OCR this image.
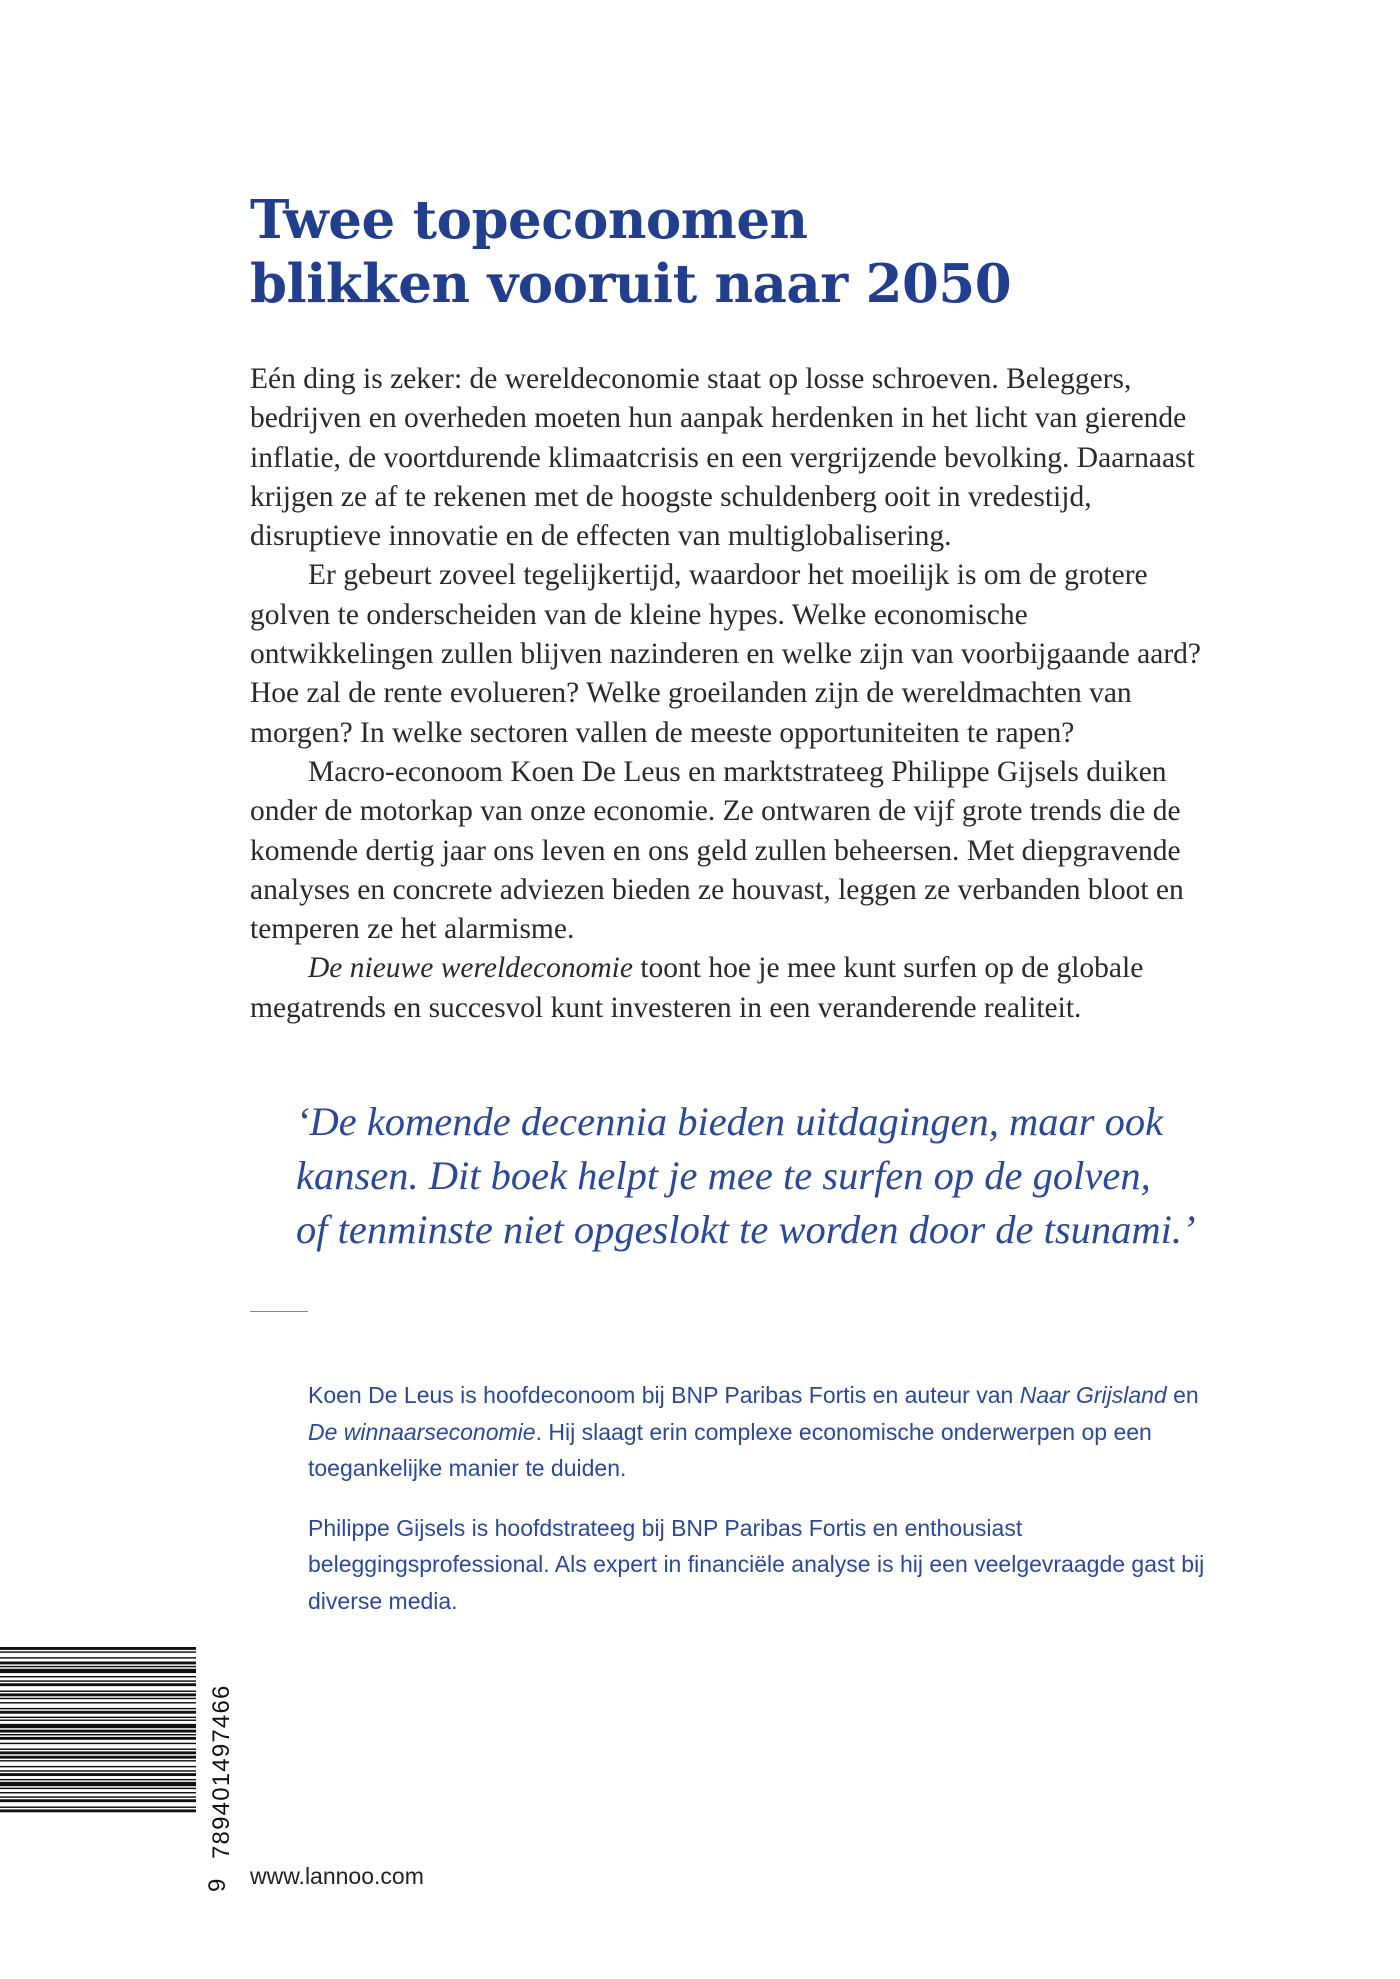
Twee topeconomen
blikken vooruit naar 2050

Eén ding is zeker: de wereldeconomie staat op losse schroeven. Beleggers, bedrijven en overheden moeten hun aanpak herdenken in het licht van gierende inflatie, de voortdurende klimaatcrisis en een vergrijzende bevolking. Daarnaast krijgen ze af te rekenen met de hoogste schuldenberg ooit in vredestijd, disruptieve innovatie en de effecten van multiglobalisering.

Er gebeurt zoveel tegelijkertijd, waardoor het moeilijk is om de grotere golven te onderscheiden van de kleine hypes. Welke economische ontwikkelingen zullen blijven nazinderen en welke zijn van voorbijgaande aard? Hoe zal de rente evolueren? Welke groeilanden zijn de wereldmachten van morgen? In welke sectoren vallen de meeste opportuniteiten te rapen?

Macro-econoom Koen De Leus en marktstrateeg Philippe Gijsels duiken onder de motorkap van onze economie. Ze ontwaren de vijf grote trends die de komende dertig jaar ons leven en ons geld zullen beheersen. Met diepgravende analyses en concrete adviezen bieden ze houvast, leggen ze verbanden bloot en temperen ze het alarmisme.

De nieuwe wereldeconomie toont hoe je mee kunt surfen op de globale megatrends en succesvol kunt investeren in een veranderende realiteit.

‘De komende decennia bieden uitdagingen, maar ook
kansen. Dit boek helpt je mee te surfen op de golven,
of tenminste niet opgeslokt te worden door de tsunami.’

Koen De Leus is hoofdeconoom bij BNP Paribas Fortis en auteur van Naar Grijsland en De winnaarseconomie. Hij slaagt erin complexe economische onderwerpen op een toegankelijke manier te duiden.

Philippe Gijsels is hoofdstrateeg bij BNP Paribas Fortis en enthousiast beleggingsprofessional. Als expert in financiële analyse is hij een veelgevraagde gast bij diverse media.

789401497466
9 www.lannoo.com
